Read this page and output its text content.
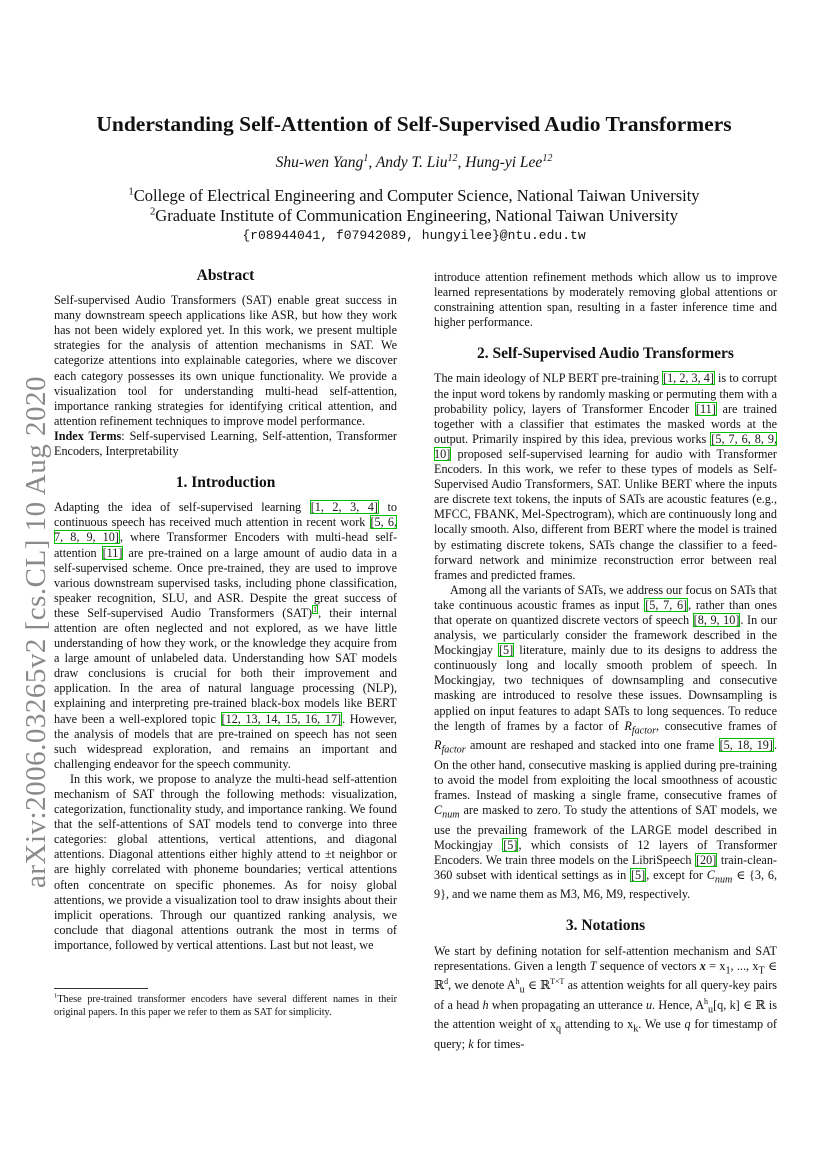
arXiv:2006.03265v2 [cs.CL] 10 Aug 2020
Understanding Self-Attention of Self-Supervised Audio Transformers
Shu-wen Yang$^1$, Andy T. Liu$^{12}$, Hung-yi Lee$^{12}$
$^1$College of Electrical Engineering and Computer Science, National Taiwan University
$^2$Graduate Institute of Communication Engineering, National Taiwan University
{r08944041, f07942089, hungyilee}@ntu.edu.tw
Abstract

Self-supervised Audio Transformers (SAT) enable great success in many downstream speech applications like ASR, but how they work has not been widely explored yet. In this work, we present multiple strategies for the analysis of attention mechanisms in SAT. We categorize attentions into explainable categories, where we discover each category possesses its own unique functionality. We provide a visualization tool for understanding multi-head self-attention, importance ranking strategies for identifying critical attention, and attention refinement techniques to improve model performance.

Index Terms: Self-supervised Learning, Self-attention, Transformer Encoders, Interpretability

1. Introduction

Adapting the idea of self-supervised learning [1, 2, 3, 4] to continuous speech has received much attention in recent work [5, 6, 7, 8, 9, 10], where Transformer Encoders with multi-head self-attention [11] are pre-trained on a large amount of audio data in a self-supervised scheme. Once pre-trained, they are used to improve various downstream supervised tasks, including phone classification, speaker recognition, SLU, and ASR. Despite the great success of these Self-supervised Audio Transformers (SAT)$^1$, their internal attention are often neglected and not explored, as we have little understanding of how they work, or the knowledge they acquire from a large amount of unlabeled data. Understanding how SAT models draw conclusions is crucial for both their improvement and application. In the area of natural language processing (NLP), explaining and interpreting pre-trained black-box models like BERT have been a well-explored topic [12, 13, 14, 15, 16, 17]. However, the analysis of models that are pre-trained on speech has not seen such widespread exploration, and remains an important and challenging endeavor for the speech community.

In this work, we propose to analyze the multi-head self-attention mechanism of SAT through the following methods: visualization, categorization, functionality study, and importance ranking. We found that the self-attentions of SAT models tend to converge into three categories: global attentions, vertical attentions, and diagonal attentions. Diagonal attentions either highly attend to ±t neighbor or are highly correlated with phoneme boundaries; vertical attentions often concentrate on specific phonemes. As for noisy global attentions, we provide a visualization tool to draw insights about their implicit operations. Through our quantized ranking analysis, we conclude that diagonal attentions outrank the most in terms of importance, followed by vertical attentions. Last but not least, we

$^1$These pre-trained transformer encoders have several different names in their original papers. In this paper we refer to them as SAT for simplicity.

introduce attention refinement methods which allow us to improve learned representations by moderately removing global attentions or constraining attention span, resulting in a faster inference time and higher performance.

2. Self-Supervised Audio Transformers

The main ideology of NLP BERT pre-training [1, 2, 3, 4] is to corrupt the input word tokens by randomly masking or permuting them with a probability policy, layers of Transformer Encoder [11] are trained together with a classifier that estimates the masked words at the output. Primarily inspired by this idea, previous works [5, 7, 6, 8, 9, 10] proposed self-supervised learning for audio with Transformer Encoders. In this work, we refer to these types of models as Self-Supervised Audio Transformers, SAT. Unlike BERT where the inputs are discrete text tokens, the inputs of SATs are acoustic features (e.g., MFCC, FBANK, Mel-Spectrogram), which are continuously long and locally smooth. Also, different from BERT where the model is trained by estimating discrete tokens, SATs change the classifier to a feed-forward network and minimize reconstruction error between real frames and predicted frames.

Among all the variants of SATs, we address our focus on SATs that take continuous acoustic frames as input [5, 7, 6], rather than ones that operate on quantized discrete vectors of speech [8, 9, 10]. In our analysis, we particularly consider the framework described in the Mockingjay [5] literature, mainly due to its designs to address the continuously long and locally smooth problem of speech. In Mockingjay, two techniques of downsampling and consecutive masking are introduced to resolve these issues. Downsampling is applied on input features to adapt SATs to long sequences. To reduce the length of frames by a factor of $R_{factor}$, consecutive frames of $R_{factor}$ amount are reshaped and stacked into one frame [5, 18, 19]. On the other hand, consecutive masking is applied during pre-training to avoid the model from exploiting the local smoothness of acoustic frames. Instead of masking a single frame, consecutive frames of $C_{num}$ are masked to zero. To study the attentions of SAT models, we use the prevailing framework of the LARGE model described in Mockingjay [5], which consists of 12 layers of Transformer Encoders. We train three models on the LibriSpeech [20] train-clean-360 subset with identical settings as in [5], except for $C_{num}$ ∈ {3, 6, 9}, and we name them as M3, M6, M9, respectively.

3. Notations

We start by defining notation for self-attention mechanism and SAT representations. Given a length T sequence of vectors $x = x_1$, ..., $x_T$ ∈ ℝ$^d$, we denote $A^h_u$ ∈ ℝ$^{T\times T}$ as attention weights for all query-key pairs of a head h when propagating an utterance u. Hence, $A^h_u[q$, k] ∈ ℝ is the attention weight of $x_q$ attending to $x_k$. We use q for timestamp of query; k for times-
